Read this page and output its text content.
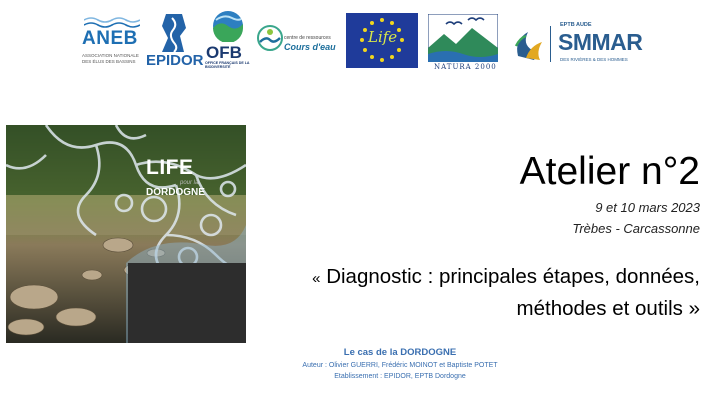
ANEB
ASSOCIATION NATIONALE DES ÉLUS DES BASSINS EPIDOR OFB
OFFICE FRANÇAIS DE LA BIODIVERSITÉ
centre de ressources
Cours d'eau
Life
NATURA 2000
EPTB AUDE
SMMAR
DES RIVIÈRES & DES HOMMES
LIFE
pour la
DORDOGNE	Atelier n°2
9 et 10 mars 2023
Trèbes - Carcassonne
« Diagnostic : principales étapes, données,
méthodes et outils »
Le cas de la DORDOGNE
Auteur : Olivier GUERRI, Frédéric MOINOT et Baptiste POTET
Etablissement : EPIDOR, EPTB Dordogne
